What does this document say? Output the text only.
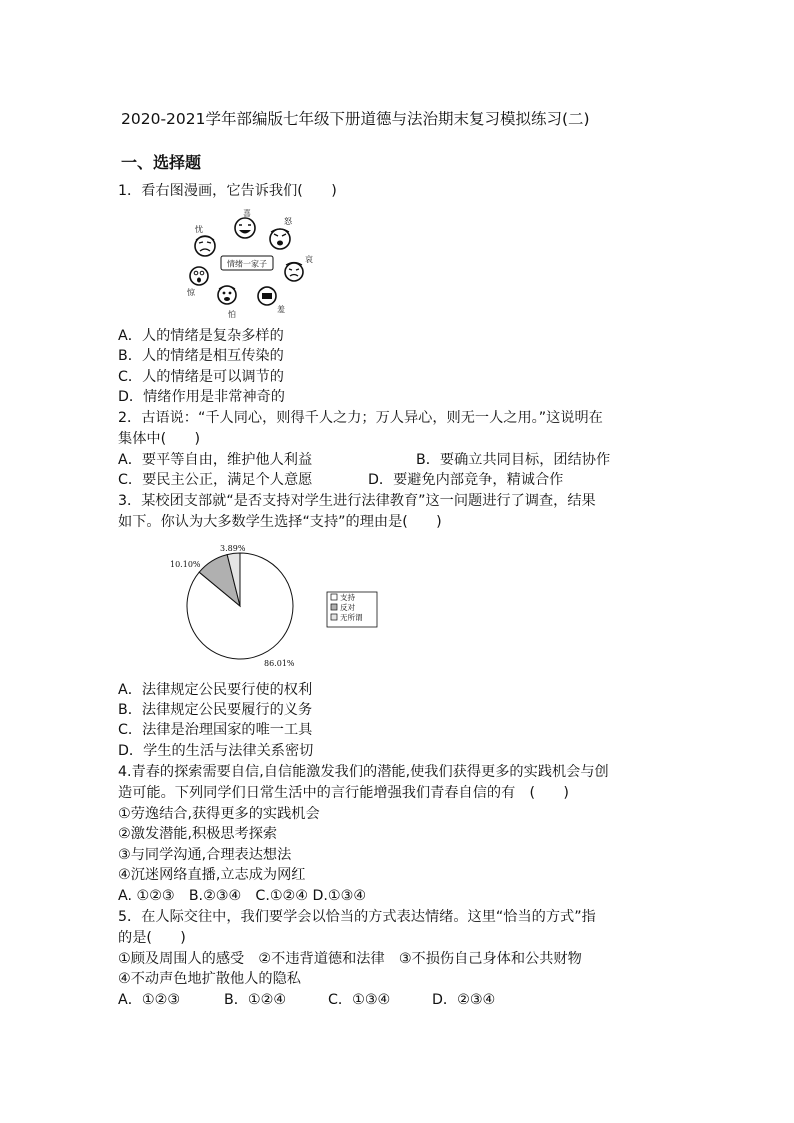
2020-2021学年部编版七年级下册道德与法治期末复习模拟练习(二)
一、选择题
1．看右图漫画，它告诉我们(　　)
情绪一家子
喜
怒
哀
羞
怕
惊
忧
A．人的情绪是复杂多样的
B．人的情绪是相互传染的
C．人的情绪是可以调节的
D．情绪作用是非常神奇的
2．古语说：“千人同心，则得千人之力；万人异心，则无一人之用。”这说明在
集体中(　　)
A．要平等自由，维护他人利益	B．要确立共同目标，团结协作
C．要民主公正，满足个人意愿	D．要避免内部竞争，精诚合作
3．某校团支部就“是否支持对学生进行法律教育”这一问题进行了调查，结果
如下。你认为大多数学生选择“支持”的理由是(　　)
86.01%
10.10%
3.89%
支持
反对
无所谓
A．法律规定公民要行使的权利
B．法律规定公民要履行的义务
C．法律是治理国家的唯一工具
D．学生的生活与法律关系密切
4.青春的探索需要自信,自信能激发我们的潜能,使我们获得更多的实践机会与创
造可能。下列同学们日常生活中的言行能增强我们青春自信的有　(　　)
①劳逸结合,获得更多的实践机会
②激发潜能,积极思考探索
③与同学沟通,合理表达想法
④沉迷网络直播,立志成为网红
A. ①②③　B.②③④　C.①②④ D.①③④
5．在人际交往中，我们要学会以恰当的方式表达情绪。这里“恰当的方式”指
的是(　　)
①顾及周围人的感受　②不违背道德和法律　③不损伤自己身体和公共财物
④不动声色地扩散他人的隐私
A．①②③	B．①②④	C．①③④	D．②③④
